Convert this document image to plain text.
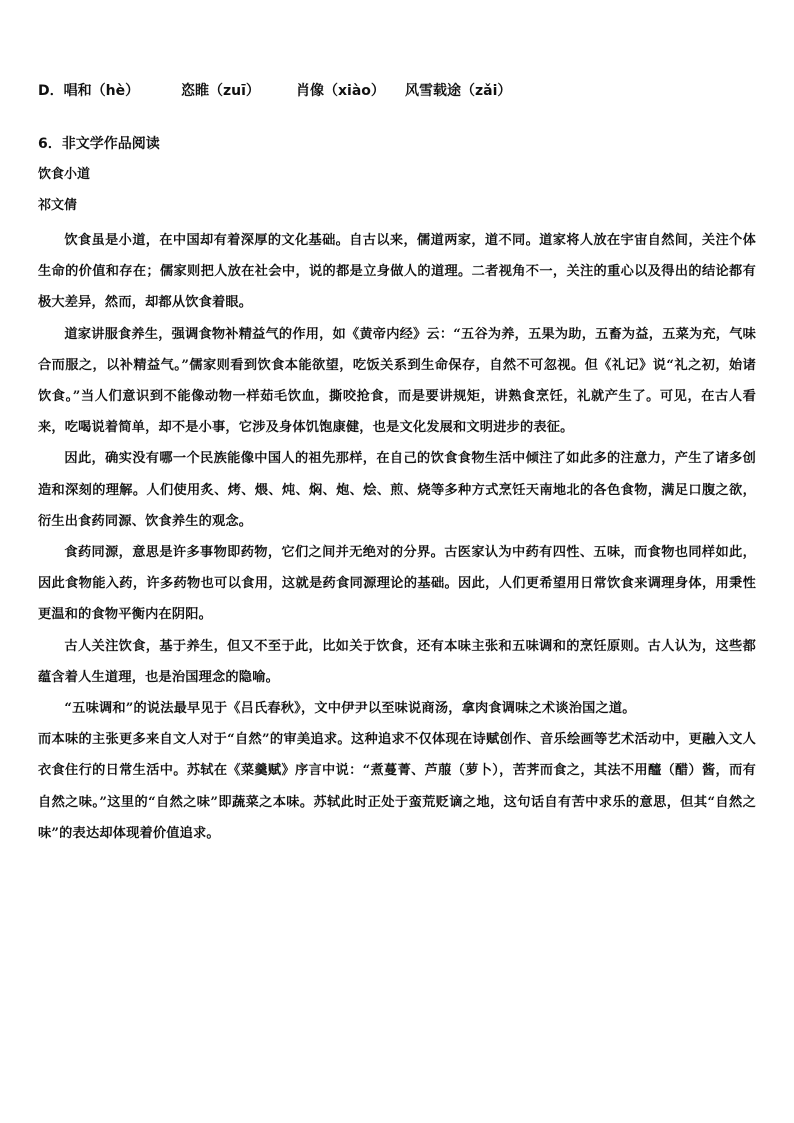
D．唱和（hè）	恣睢（zuī）	肖像（xiào） 风雪载途（zǎi）
6．非文学作品阅读
饮食小道
祁文倩

饮食虽是小道，在中国却有着深厚的文化基础。自古以来，儒道两家，道不同。道家将人放在宇宙自然间，关注个体生命的价值和存在；儒家则把人放在社会中，说的都是立身做人的道理。二者视角不一，关注的重心以及得出的结论都有极大差异，然而，却都从饮食着眼。

道家讲服食养生，强调食物补精益气的作用，如《黄帝内经》云：“五谷为养，五果为助，五畜为益，五菜为充，气味合而服之，以补精益气。”儒家则看到饮食本能欲望，吃饭关系到生命保存，自然不可忽视。但《礼记》说“礼之初，始诸饮食。”当人们意识到不能像动物一样茹毛饮血，撕咬抢食，而是要讲规矩，讲熟食烹饪，礼就产生了。可见，在古人看来，吃喝说着简单，却不是小事，它涉及身体饥饱康健，也是文化发展和文明进步的表征。

因此，确实没有哪一个民族能像中国人的祖先那样，在自己的饮食食物生活中倾注了如此多的注意力，产生了诸多创造和深刻的理解。人们使用炙、烤、煨、炖、焖、炮、烩、煎、烧等多种方式烹饪天南地北的各色食物，满足口腹之欲，衍生出食药同源、饮食养生的观念。

食药同源，意思是许多事物即药物，它们之间并无绝对的分界。古医家认为中药有四性、五味，而食物也同样如此，因此食物能入药，许多药物也可以食用，这就是药食同源理论的基础。因此，人们更希望用日常饮食来调理身体，用秉性更温和的食物平衡内在阴阳。

古人关注饮食，基于养生，但又不至于此，比如关于饮食，还有本味主张和五味调和的烹饪原则。古人认为，这些都蕴含着人生道理，也是治国理念的隐喻。

“五味调和”的说法最早见于《吕氏春秋》，文中伊尹以至味说商汤，拿肉食调味之术谈治国之道。

而本味的主张更多来自文人对于“自然”的审美追求。这种追求不仅体现在诗赋创作、音乐绘画等艺术活动中，更融入文人衣食住行的日常生活中。苏轼在《菜羹赋》序言中说：“煮蔓菁、芦菔（萝卜），苦荠而食之，其法不用醯（醋）酱，而有自然之味。”这里的“自然之味”即蔬菜之本味。苏轼此时正处于蛮荒贬谪之地，这句话自有苦中求乐的意思，但其“自然之味”的表达却体现着价值追求。
